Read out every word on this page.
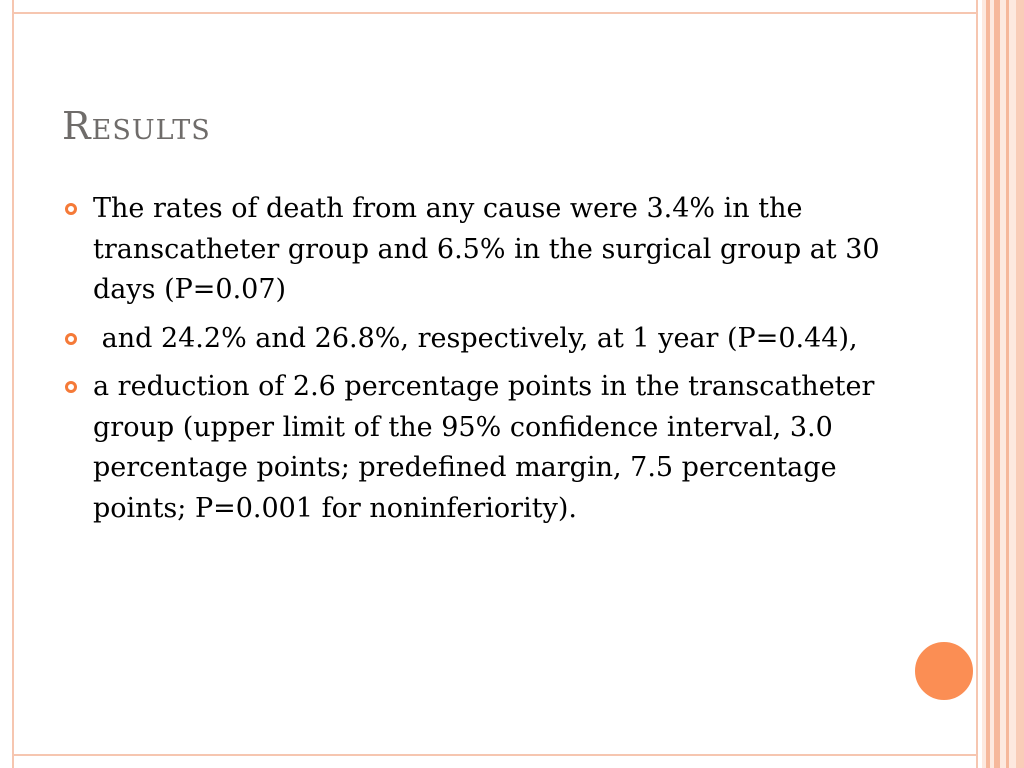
Results
The rates of death from any cause were 3.4% in the transcatheter group and 6.5% in the surgical group at 30 days (P=0.07)
and 24.2% and 26.8%, respectively, at 1 year (P=0.44),
a reduction of 2.6 percentage points in the transcatheter group (upper limit of the 95% confidence interval, 3.0 percentage points; predefined margin, 7.5 percentage points; P=0.001 for noninferiority).
